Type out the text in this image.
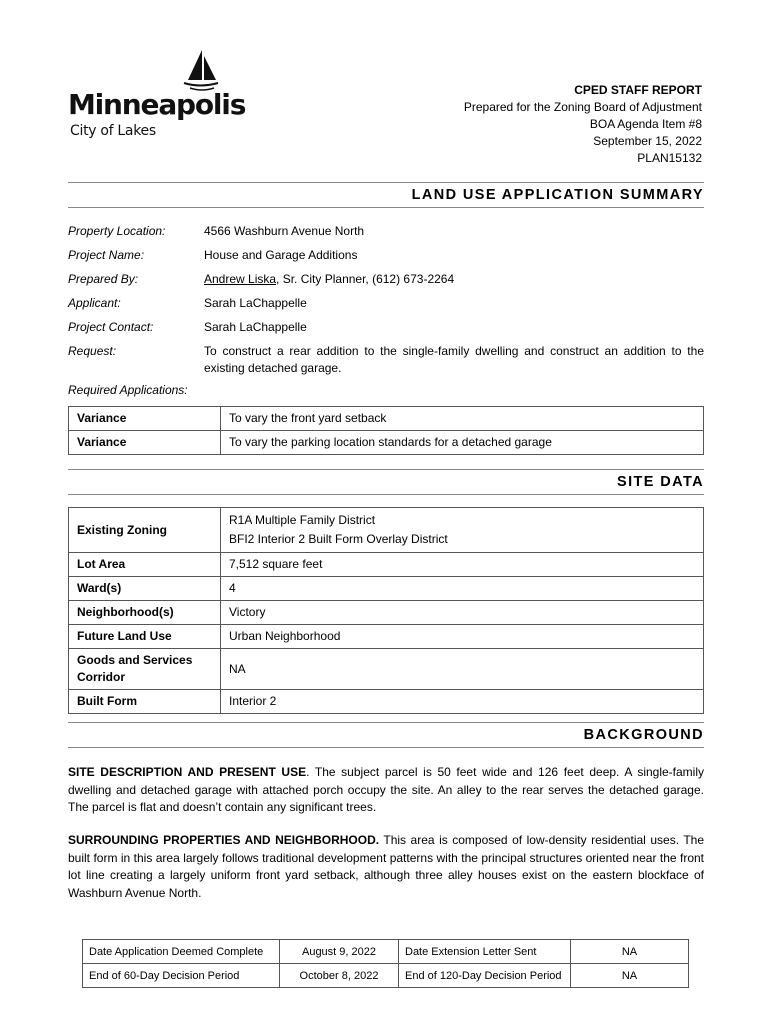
Minneapolis
City of Lakes
CPED STAFF REPORT
Prepared for the Zoning Board of Adjustment
BOA Agenda Item #8
September 15, 2022
PLAN15132
LAND USE APPLICATION SUMMARY
Property Location:	4566 Washburn Avenue North
Project Name:	House and Garage Additions
Prepared By:	Andrew Liska, Sr. City Planner, (612) 673-2264
Applicant:	Sarah LaChappelle
Project Contact:	Sarah LaChappelle
Request:	To construct a rear addition to the single-family dwelling and construct an addition to the existing detached garage.
Required Applications:
Variance	To vary the front yard setback
Variance	To vary the parking location standards for a detached garage
SITE DATA
Existing Zoning	R1A Multiple Family District
BFI2 Interior 2 Built Form Overlay District

Lot Area	7,512 square feet
Ward(s)	4
Neighborhood(s)	Victory
Future Land Use	Urban Neighborhood

Goods and Services
Corridor	NA
Built Form	Interior 2
BACKGROUND
SITE DESCRIPTION AND PRESENT USE. The subject parcel is 50 feet wide and 126 feet deep. A single-family dwelling and detached garage with attached porch occupy the site. An alley to the rear serves the detached garage. The parcel is flat and doesn’t contain any significant trees.
SURROUNDING PROPERTIES AND NEIGHBORHOOD. This area is composed of low-density residential uses. The built form in this area largely follows traditional development patterns with the principal structures oriented near the front lot line creating a largely uniform front yard setback, although three alley houses exist on the eastern blockface of Washburn Avenue North.
Date Application Deemed Complete	August 9, 2022	Date Extension Letter Sent	NA
End of 60-Day Decision Period	October 8, 2022	End of 120-Day Decision Period	NA
